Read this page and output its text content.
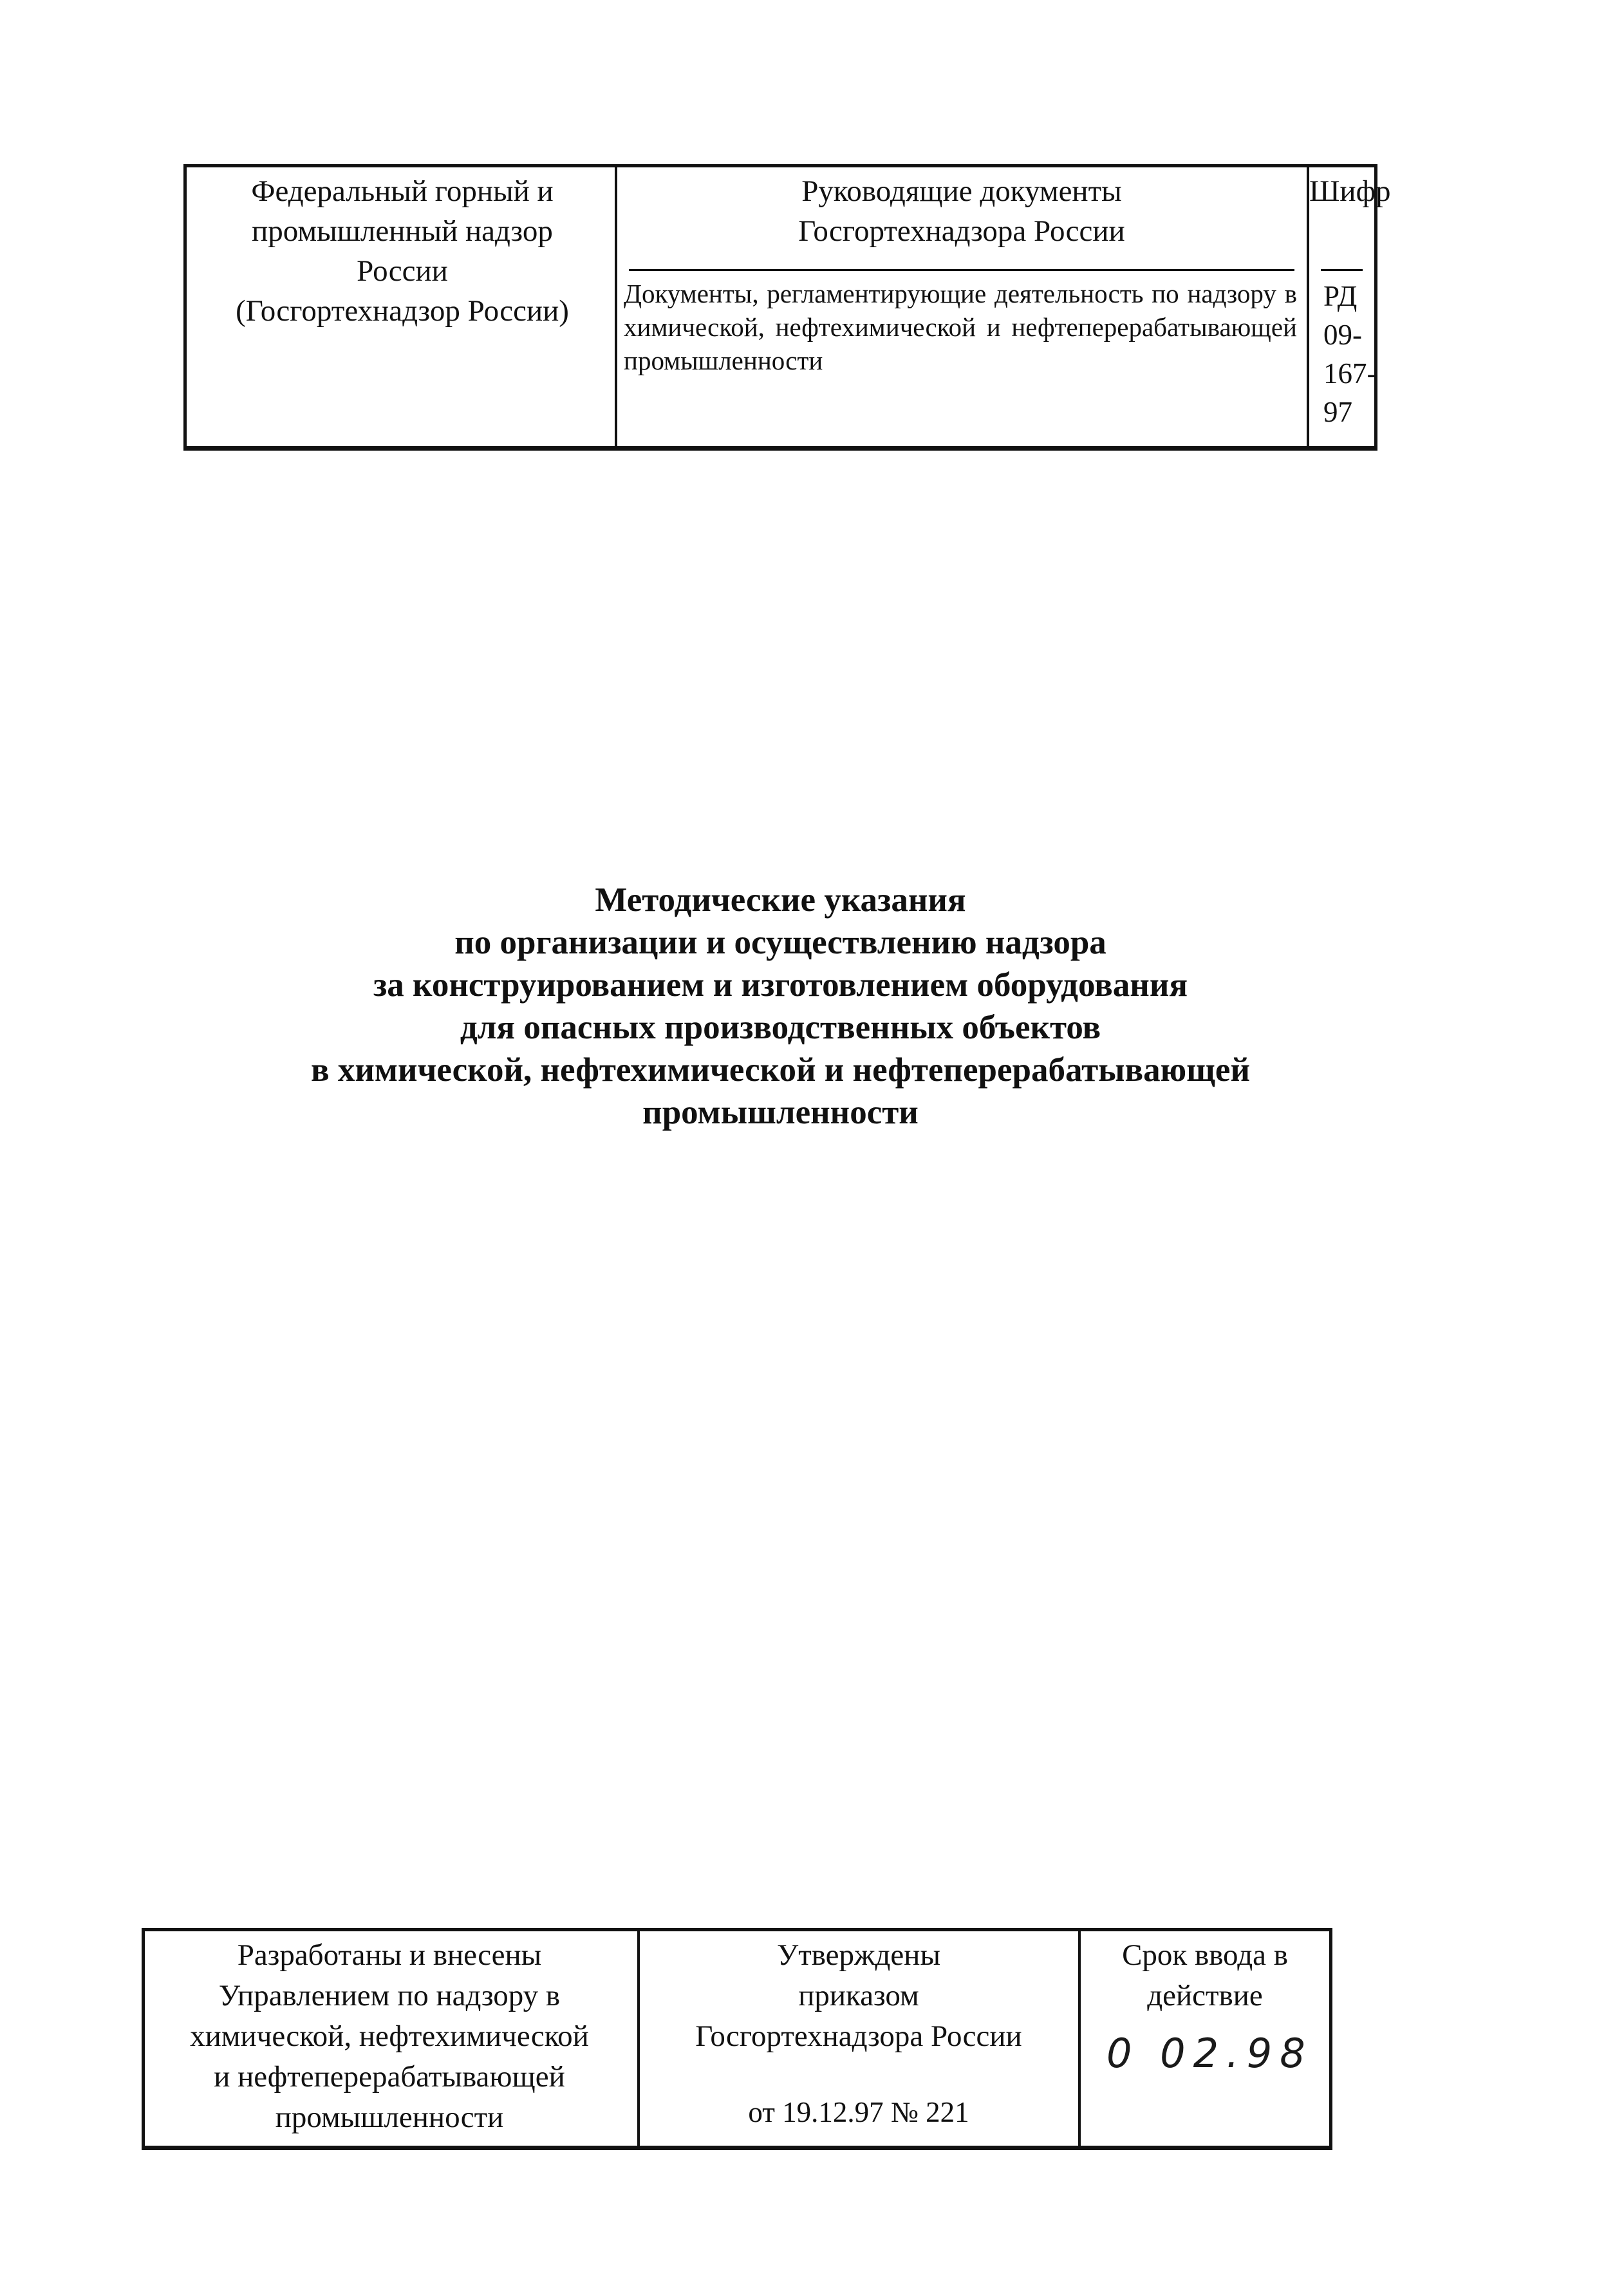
Федеральный горный и
промышленный надзор
России
(Госгортехнадзор России)
Руководящие документы
Госгортехнадзора России
Документы, регламентирующие деятельность по надзору в химической, нефтехимической и нефтеперерабатывающей промышленности
Шифр
РД 09-167-97
Методические указания
по организации и осуществлению надзора
за конструированием и изготовлением оборудования
для опасных производственных объектов
в химической, нефтехимической и нефтеперерабатывающей
промышленности
Разработаны и внесены
Управлением по надзору в
химической, нефтехимической
и нефтеперерабатывающей
промышленности
Утверждены
приказом
Госгортехнадзора России
от 19.12.97 № 221
Срок ввода в
действие
0 02.98
